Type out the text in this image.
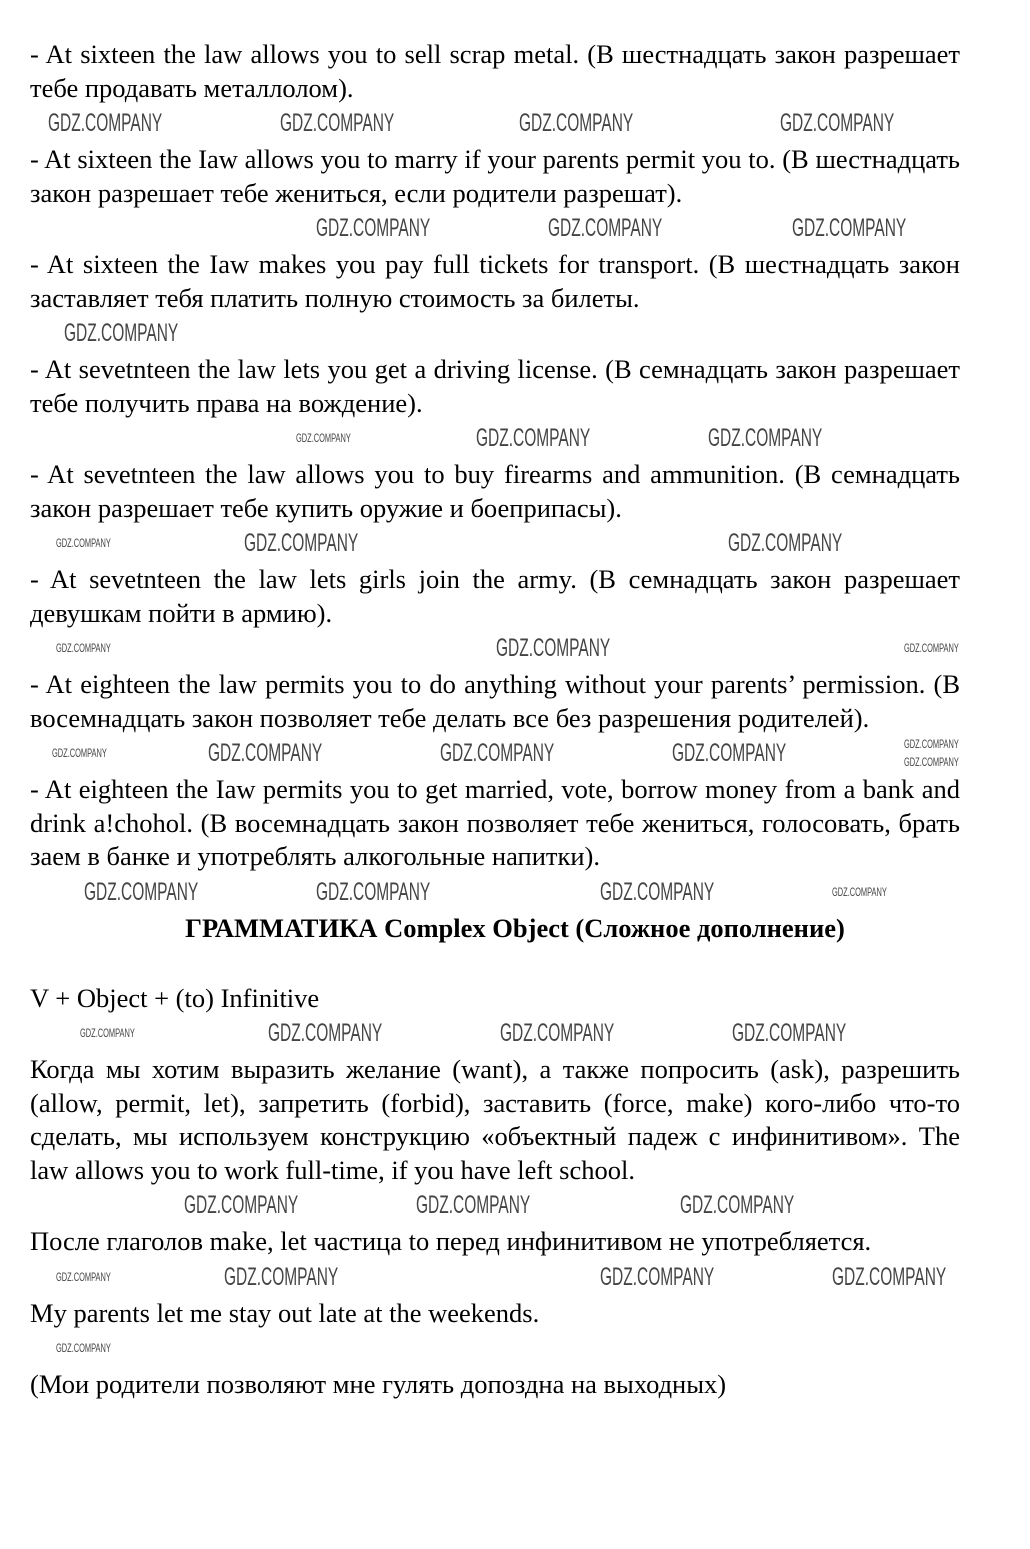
- At sixteen the law allows you to sell scrap metal. (В шестнадцать закон разрешает тебе продавать металлолом).

GDZ.COMPANY	GDZ.COMPANY	GDZ.COMPANY	GDZ.COMPANY

- At sixteen the Iaw allows you to marry if your parents permit you to. (В шестнадцать закон разрешает тебе жениться, если родители разрешат).

GDZ.COMPANY	GDZ.COMPANY	GDZ.COMPANY

- At sixteen the Iaw makes you pay full tickets for transport. (В шестнадцать закон заставляет тебя платить полную стоимость за билеты.

GDZ.COMPANY

- At sevetnteen the law lets you get a driving license. (В семнадцать закон разрешает тебе получить права на вождение).

GDZ.COMPANY	GDZ.COMPANY	GDZ.COMPANY

- At sevetnteen the law allows you to buy firearms and ammunition. (В семнадцать закон разрешает тебе купить оружие и боеприпасы).

GDZ.COMPANY	GDZ.COMPANY	GDZ.COMPANY

- At sevetnteen the law lets girls join the army. (В семнадцать закон разрешает девушкам пойти в армию).

GDZ.COMPANY	GDZ.COMPANY	GDZ.COMPANY

- At eighteen the law permits you to do anything without your parents’ permission. (В восемнадцать закон позволяет тебе делать все без разрешения родителей).

GDZ.COMPANY	GDZ.COMPANY	GDZ.COMPANY	GDZ.COMPANY	GDZ.COMPANY
GDZ.COMPANY

- At eighteen the Iaw permits you to get married, vote, borrow money from a bank and drink a!chohol. (В восемнадцать закон позволяет тебе жениться, голосовать, брать заем в банке и употреблять алкогольные напитки).

GDZ.COMPANY	GDZ.COMPANY	GDZ.COMPANY	GDZ.COMPANY
ГРАММАТИКА Complex Object (Сложное дополнение)

V + Object + (to) Infinitive

GDZ.COMPANY	GDZ.COMPANY	GDZ.COMPANY	GDZ.COMPANY

Когда мы хотим выразить желание (want), а также попросить (ask), разрешить (allow, permit, let), запретить (forbid), заставить (force, make) кого-либо что-то сделать, мы используем конструкцию «объектный падеж с инфинитивом». The law allows you to work full-time, if you have left school.

GDZ.COMPANY	GDZ.COMPANY	GDZ.COMPANY

После глаголов make, let частица to перед инфинитивом не употребляется.

GDZ.COMPANY	GDZ.COMPANY	GDZ.COMPANY	GDZ.COMPANY

My parents let me stay out late at the weekends.

GDZ.COMPANY

(Мои родители позволяют мне гулять допоздна на выходных)
